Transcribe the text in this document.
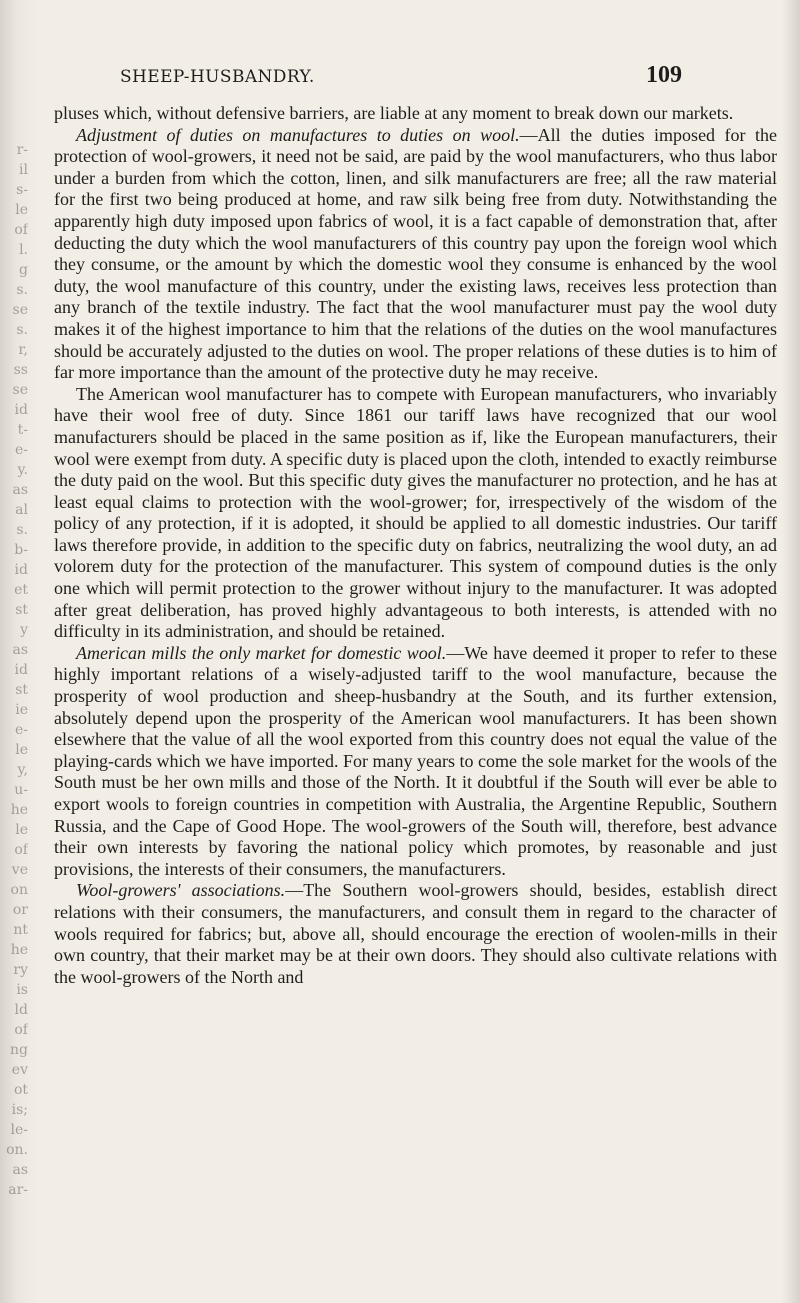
r-
il
s-
le
of
l.
g
s.
se
s.
r,
ss
se
id
t-
e-
y.
as
al
s.
b-
id
et
st
y
as
id
st
ie
e-
le
y,
u-
he
le
of
ve
on
or
nt
he
ry
is
ld
of
ng
ev
ot
is;
le-
on.
as
ar-
SHEEP-HUSBANDRY.	109

pluses which, without defensive barriers, are liable at any moment to break down our markets.

Adjustment of duties on manufactures to duties on wool.—All the duties imposed for the protection of wool-growers, it need not be said, are paid by the wool manufacturers, who thus labor under a burden from which the cotton, linen, and silk manufacturers are free; all the raw material for the first two being produced at home, and raw silk being free from duty. Notwithstanding the apparently high duty imposed upon fabrics of wool, it is a fact capable of demonstration that, after deducting the duty which the wool manufacturers of this country pay upon the foreign wool which they consume, or the amount by which the domestic wool they consume is enhanced by the wool duty, the wool manufacture of this country, under the existing laws, receives less protection than any branch of the textile industry. The fact that the wool manufacturer must pay the wool duty makes it of the highest importance to him that the relations of the duties on the wool manufactures should be accurately adjusted to the duties on wool. The proper relations of these duties is to him of far more importance than the amount of the protective duty he may receive.

The American wool manufacturer has to compete with European manufacturers, who invariably have their wool free of duty. Since 1861 our tariff laws have recognized that our wool manufacturers should be placed in the same position as if, like the European manufacturers, their wool were exempt from duty. A specific duty is placed upon the cloth, intended to exactly reimburse the duty paid on the wool. But this specific duty gives the manufacturer no protection, and he has at least equal claims to protection with the wool-grower; for, irrespectively of the wisdom of the policy of any protection, if it is adopted, it should be applied to all domestic industries. Our tariff laws therefore provide, in addition to the specific duty on fabrics, neutralizing the wool duty, an ad volorem duty for the protection of the manufacturer. This system of compound duties is the only one which will permit protection to the grower without injury to the manufacturer. It was adopted after great deliberation, has proved highly advantageous to both interests, is attended with no difficulty in its administration, and should be retained.

American mills the only market for domestic wool.—We have deemed it proper to refer to these highly important relations of a wisely-adjusted tariff to the wool manufacture, because the prosperity of wool production and sheep-husbandry at the South, and its further extension, absolutely depend upon the prosperity of the American wool manufacturers. It has been shown elsewhere that the value of all the wool exported from this country does not equal the value of the playing-cards which we have imported. For many years to come the sole market for the wools of the South must be her own mills and those of the North. It it doubtful if the South will ever be able to export wools to foreign countries in competition with Australia, the Argentine Republic, Southern Russia, and the Cape of Good Hope. The wool-growers of the South will, therefore, best advance their own interests by favoring the national policy which promotes, by reasonable and just provisions, the interests of their consumers, the manufacturers.

Wool-growers' associations.—The Southern wool-growers should, besides, establish direct relations with their consumers, the manufacturers, and consult them in regard to the character of wools required for fabrics; but, above all, should encourage the erection of woolen-mills in their own country, that their market may be at their own doors. They should also cultivate relations with the wool-growers of the North and
